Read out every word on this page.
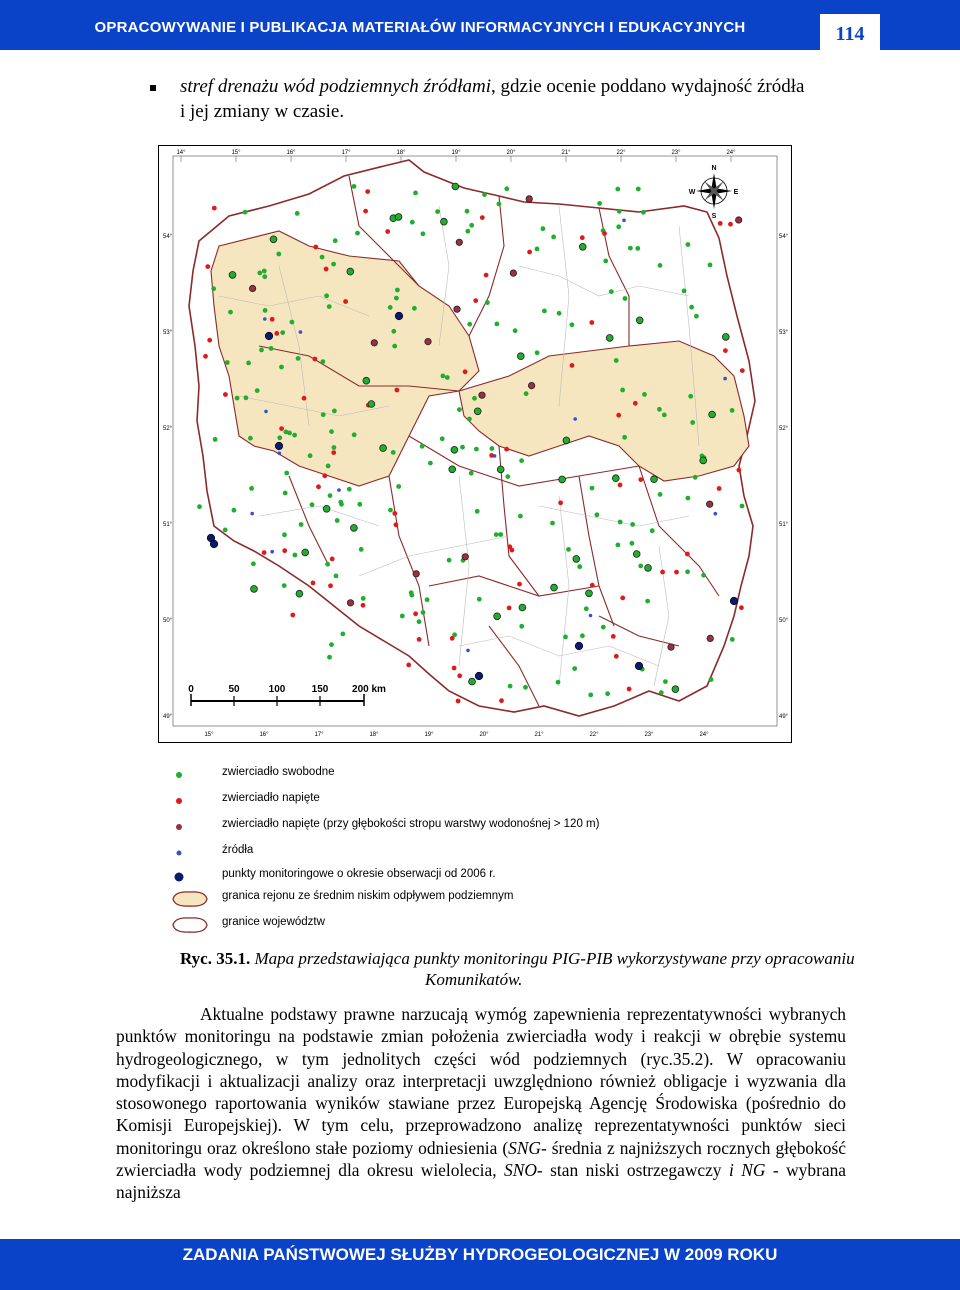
OPRACOWYWANIE I PUBLIKACJA MATERIAŁÓW INFORMACYJNYCH I EDUKACYJNYCH	114
stref drenażu wód podziemnych źródłami, gdzie ocenie poddano wydajność źródła
i jej zmiany w czasie.
14°	15°	16°	17°	18°	19°	20°	21°	22°	23°	24°
15°	16°	17°	18°	19°	20°	21°	22°	23°	24°
54°
53°
52°
51°
50°
49°
54°
53°
52°
51°
50°
49°
0	50	100	150 200 km
N
S
E
W
zwierciadło swobodne
zwierciadło napięte
zwierciadło napięte (przy głębokości stropu warstwy wodonośnej > 120 m)
źródła
punkty monitoringowe o okresie obserwacji od 2006 r.
granica rejonu ze średnim niskim odpływem podziemnym
granice województw
Ryc. 35.1. Mapa przedstawiająca punkty monitoringu PIG-PIB wykorzystywane przy opracowaniu
Komunikatów.

Aktualne podstawy prawne narzucają wymóg zapewnienia reprezentatywności wybranych punktów monitoringu na podstawie zmian położenia zwierciadła wody i reakcji w obrębie systemu hydrogeologicznego, w tym jednolitych części wód podziemnych (ryc.35.2). W opracowaniu modyfikacji i aktualizacji analizy oraz interpretacji uwzględniono również obligacje i wyzwania dla stosowonego raportowania wyników stawiane przez Europejską Agencję Środowiska (pośrednio do Komisji Europejskiej). W tym celu, przeprowadzono analizę reprezentatywności punktów sieci monitoringu oraz określono stałe poziomy odniesienia (SNG- średnia z najniższych rocznych głębokość zwierciadła wody podziemnej dla okresu wielolecia, SNO- stan niski ostrzegawczy i NG - wybrana najniższa

ZADANIA PAŃSTWOWEJ SŁUŻBY HYDROGEOLOGICZNEJ W 2009 ROKU
